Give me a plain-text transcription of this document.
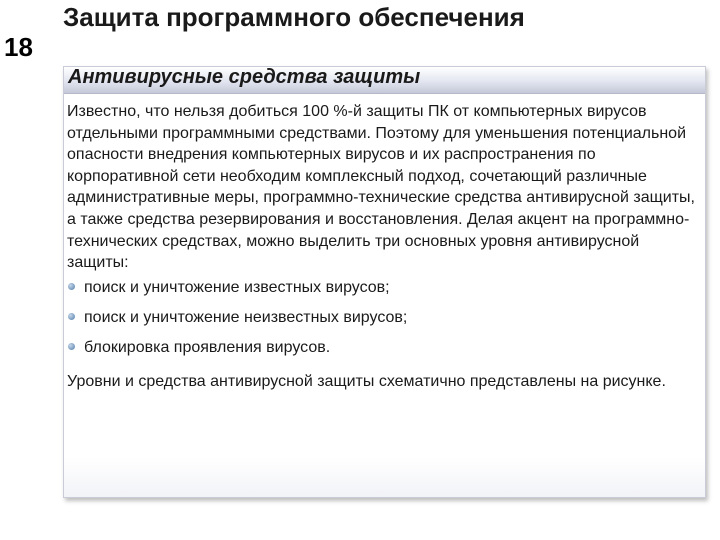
18
Защита программного обеспечения
Антивирусные средства защиты

Известно, что нельзя добиться 100 %-й защиты ПК от компьютерных вирусов отдельными программными средствами. Поэтому для уменьшения потенциальной опасности внедрения компьютерных вирусов и их распространения по корпоративной сети необходим комплексный подход, сочетающий различные административные меры, программно-технические средства антивирусной защиты, а также средства резервирования и восстановления. Делая акцент на программно-технических средствах, можно выделить три основных уровня антивирусной защиты:

поиск и уничтожение известных вирусов;
поиск и уничтожение неизвестных вирусов;
блокировка проявления вирусов.

Уровни и средства антивирусной защиты схематично представлены на рисунке.
